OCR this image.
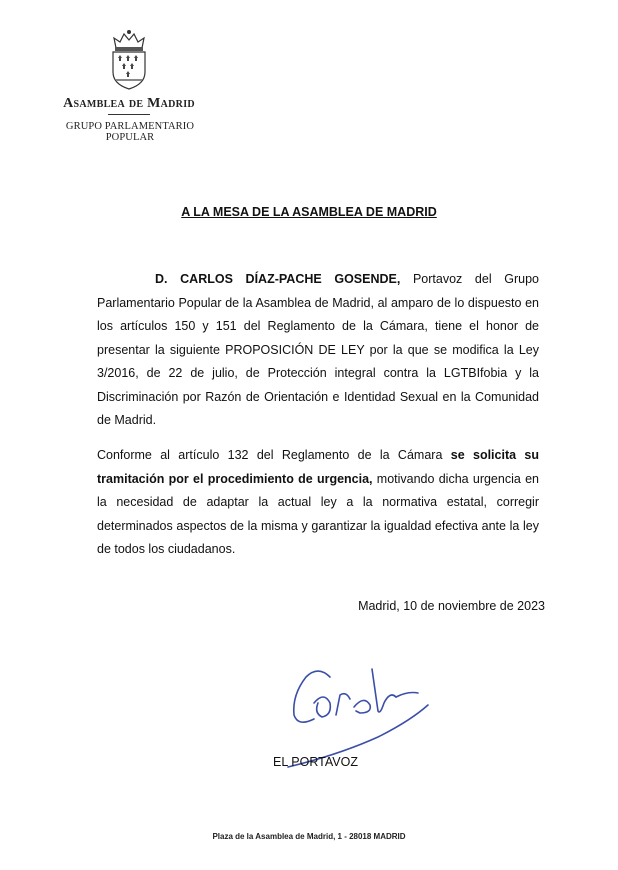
Asamblea de Madrid
GRUPO PARLAMENTARIO POPULAR
A LA MESA DE LA ASAMBLEA DE MADRID

D. CARLOS DÍAZ-PACHE GOSENDE, Portavoz del Grupo Parlamentario Popular de la Asamblea de Madrid, al amparo de lo dispuesto en los artículos 150 y 151 del Reglamento de la Cámara, tiene el honor de presentar la siguiente PROPOSICIÓN DE LEY por la que se modifica la Ley 3/2016, de 22 de julio, de Protección integral contra la LGTBIfobia y la Discriminación por Razón de Orientación e Identidad Sexual en la Comunidad de Madrid.

Conforme al artículo 132 del Reglamento de la Cámara se solicita su tramitación por el procedimiento de urgencia, motivando dicha urgencia en la necesidad de adaptar la actual ley a la normativa estatal, corregir determinados aspectos de la misma y garantizar la igualdad efectiva ante la ley de todos los ciudadanos.

Madrid, 10 de noviembre de 2023
EL PORTAVOZ
Plaza de la Asamblea de Madrid, 1 - 28018 MADRID
